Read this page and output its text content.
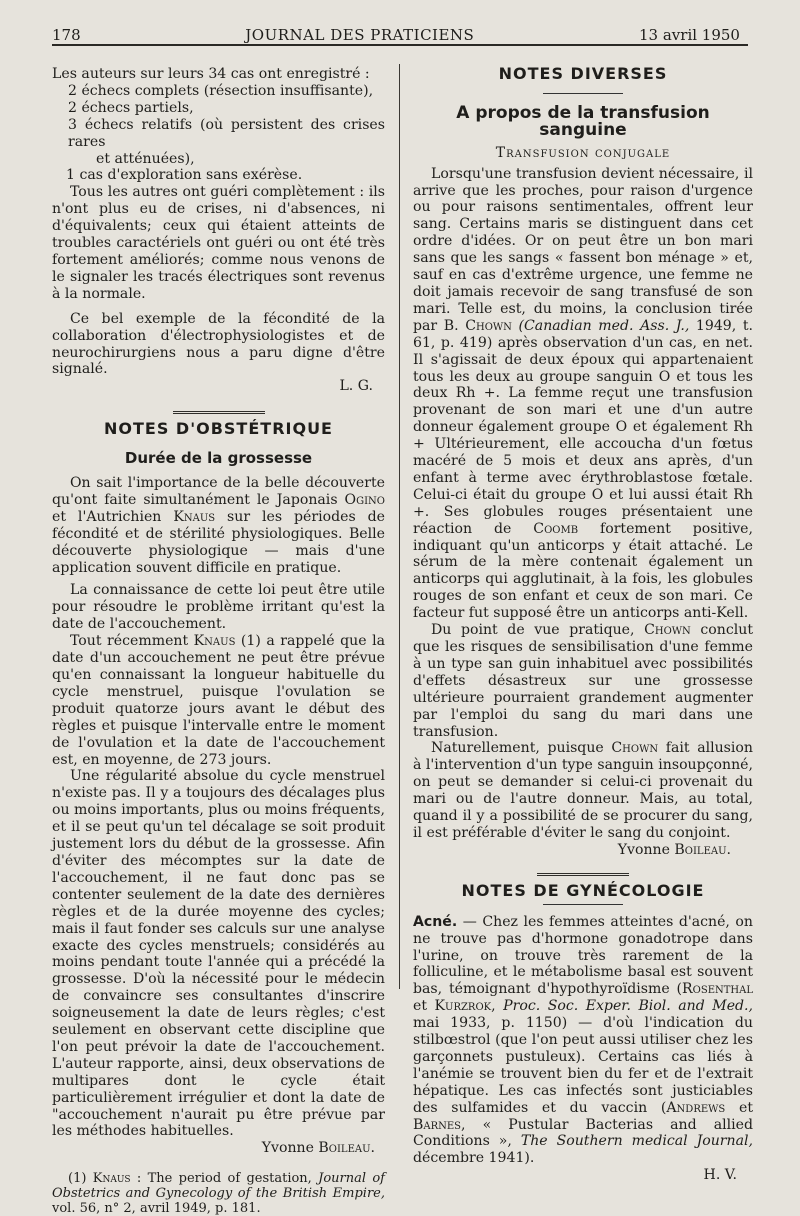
178	JOURNAL DES PRATICIENS	13 avril 1950

Les auteurs sur leurs 34 cas ont enregistré :

2 échecs complets (résection insuffisante),
2 échecs partiels,
3 échecs relatifs (où persistent des crises rares
et atténuées),
1 cas d'exploration sans exérèse.

Tous les autres ont guéri complètement : ils n'ont plus eu de crises, ni d'absences, ni d'équivalents; ceux qui étaient atteints de troubles caractériels ont guéri ou ont été très fortement améliorés; comme nous venons de le signaler les tracés électriques sont revenus à la normale.

Ce bel exemple de la fécondité de la collaboration d'électrophysiologistes et de neurochirurgiens nous a paru digne d'être signalé.

L. G.

NOTES D'OBSTÉTRIQUE
Durée de la grossesse

On sait l'importance de la belle découverte qu'ont faite simultanément le Japonais Ogino et l'Autrichien Knaus sur les périodes de fécondité et de stérilité physiologiques. Belle découverte physiologique — mais d'une application souvent difficile en pratique.

La connaissance de cette loi peut être utile pour résoudre le problème irritant qu'est la date de l'accouchement.

Tout récemment Knaus (1) a rappelé que la date d'un accouchement ne peut être prévue qu'en connaissant la longueur habituelle du cycle menstruel, puisque l'ovulation se produit quatorze jours avant le début des règles et puisque l'intervalle entre le moment de l'ovulation et la date de l'accouchement est, en moyenne, de 273 jours.

Une régularité absolue du cycle menstruel n'existe pas. Il y a toujours des décalages plus ou moins importants, plus ou moins fréquents, et il se peut qu'un tel décalage se soit produit justement lors du début de la grossesse. Afin d'éviter des mécomptes sur la date de l'accouchement, il ne faut donc pas se contenter seulement de la date des dernières règles et de la durée moyenne des cycles; mais il faut fonder ses calculs sur une analyse exacte des cycles menstruels; considérés au moins pendant toute l'année qui a précédé la grossesse. D'où la nécessité pour le médecin de convaincre ses consultantes d'inscrire soigneusement la date de leurs règles; c'est seulement en observant cette discipline que l'on peut prévoir la date de l'accouchement. L'auteur rapporte, ainsi, deux observations de multipares dont le cycle était particulièrement irrégulier et dont la date de "accouchement n'aurait pu être prévue par les méthodes habituelles.

Yvonne Boileau.

(1) Knaus : The period of gestation, Journal of Obstetrics and Gynecology of the British Empire, vol. 56, n° 2, avril 1949, p. 181.

NOTES DIVERSES
A propos de la transfusion sanguine
Transfusion conjugale

Lorsqu'une transfusion devient nécessaire, il arrive que les proches, pour raison d'urgence ou pour raisons sentimentales, offrent leur sang. Certains maris se distinguent dans cet ordre d'idées. Or on peut être un bon mari sans que les sangs « fassent bon ménage » et, sauf en cas d'extrême urgence, une femme ne doit jamais recevoir de sang transfusé de son mari. Telle est, du moins, la conclusion tirée par B. Chown (Canadian med. Ass. J., 1949, t. 61, p. 419) après observation d'un cas, en net. Il s'agissait de deux époux qui appartenaient tous les deux au groupe sanguin O et tous les deux Rh +. La femme reçut une transfusion provenant de son mari et une d'un autre donneur également groupe O et également Rh + Ultérieurement, elle accoucha d'un fœtus macéré de 5 mois et deux ans après, d'un enfant à terme avec érythroblastose fœtale. Celui-ci était du groupe O et lui aussi était Rh +. Ses globules rouges présentaient une réaction de Coomb fortement positive, indiquant qu'un anticorps y était attaché. Le sérum de la mère contenait également un anticorps qui agglutinait, à la fois, les globules rouges de son enfant et ceux de son mari. Ce facteur fut supposé être un anticorps anti-Kell.

Du point de vue pratique, Chown conclut que les risques de sensibilisation d'une femme à un type san guin inhabituel avec possibilités d'effets désastreux sur une grossesse ultérieure pourraient grandement augmenter par l'emploi du sang du mari dans une transfusion.

Naturellement, puisque Chown fait allusion à l'intervention d'un type sanguin insoupçonné, on peut se demander si celui-ci provenait du mari ou de l'autre donneur. Mais, au total, quand il y a possibilité de se procurer du sang, il est préférable d'éviter le sang du conjoint.

Yvonne Boileau.

NOTES DE GYNÉCOLOGIE

Acné. — Chez les femmes atteintes d'acné, on ne trouve pas d'hormone gonadotrope dans l'urine, on trouve très rarement de la folliculine, et le métabolisme basal est souvent bas, témoignant d'hypothyroïdisme (Rosenthal et Kurzrok, Proc. Soc. Exper. Biol. and Med., mai 1933, p. 1150) — d'où l'indication du stilbœstrol (que l'on peut aussi utiliser chez les garçonnets pustuleux). Certains cas liés à l'anémie se trouvent bien du fer et de l'extrait hépatique. Les cas infectés sont justiciables des sulfamides et du vaccin (Andrews et Barnes, « Pustular Bacterias and allied Conditions », The Southern medical Journal, décembre 1941).

H. V.
